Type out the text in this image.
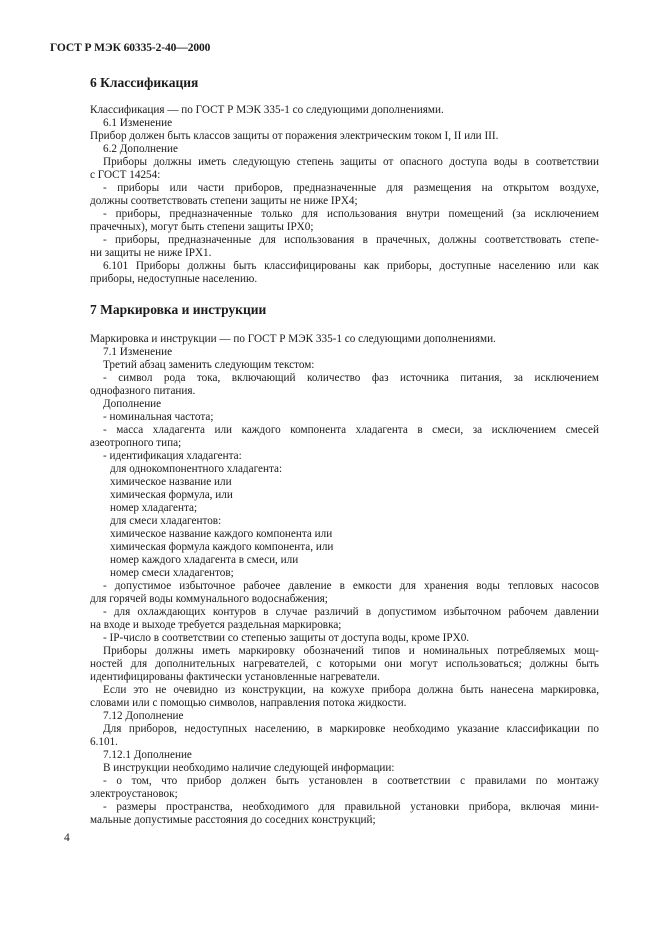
ГОСТ Р МЭК 60335-2-40—2000
6 Классификация
Классификация — по ГОСТ Р МЭК 335-1 со следующими дополнениями.
6.1 Изменение
Прибор должен быть классов защиты от поражения электрическим током I, II или III.
6.2 Дополнение
Приборы должны иметь следующую степень защиты от опасного доступа воды в соответствии
с ГОСТ 14254:
- приборы или части приборов, предназначенные для размещения на открытом воздухе,
должны соответствовать степени защиты не ниже IPX4;
- приборы, предназначенные только для использования внутри помещений (за исключением
прачечных), могут быть степени защиты IPX0;
- приборы, предназначенные для использования в прачечных, должны соответствовать степе-
ни защиты не ниже IPX1.
6.101 Приборы должны быть классифицированы как приборы, доступные населению или как
приборы, недоступные населению.
7 Маркировка и инструкции
Маркировка и инструкции — по ГОСТ Р МЭК 335-1 со следующими дополнениями.
7.1 Изменение
Третий абзац заменить следующим текстом:
- символ рода тока, включающий количество фаз источника питания, за исключением
однофазного питания.
Дополнение
- номинальная частота;
- масса хладагента или каждого компонента хладагента в смеси, за исключением смесей
азеотропного типа;
- идентификация хладагента:
для однокомпонентного хладагента:
химическое название или
химическая формула, или
номер хладагента;
для смеси хладагентов:
химическое название каждого компонента или
химическая формула каждого компонента, или
номер каждого хладагента в смеси, или
номер смеси хладагентов;
- допустимое избыточное рабочее давление в емкости для хранения воды тепловых насосов
для горячей воды коммунального водоснабжения;
- для охлаждающих контуров в случае различий в допустимом избыточном рабочем давлении
на входе и выходе требуется раздельная маркировка;
- IP-число в соответствии со степенью защиты от доступа воды, кроме IPX0.
Приборы должны иметь маркировку обозначений типов и номинальных потребляемых мощ-
ностей для дополнительных нагревателей, с которыми они могут использоваться; должны быть
идентифицированы фактически установленные нагреватели.
Если это не очевидно из конструкции, на кожухе прибора должна быть нанесена маркировка,
словами или с помощью символов, направления потока жидкости.
7.12 Дополнение
Для приборов, недоступных населению, в маркировке необходимо указание классификации по
6.101.
7.12.1 Дополнение
В инструкции необходимо наличие следующей информации:
- о том, что прибор должен быть установлен в соответствии с правилами по монтажу
электроустановок;
- размеры пространства, необходимого для правильной установки прибора, включая мини-
мальные допустимые расстояния до соседних конструкций;
4
